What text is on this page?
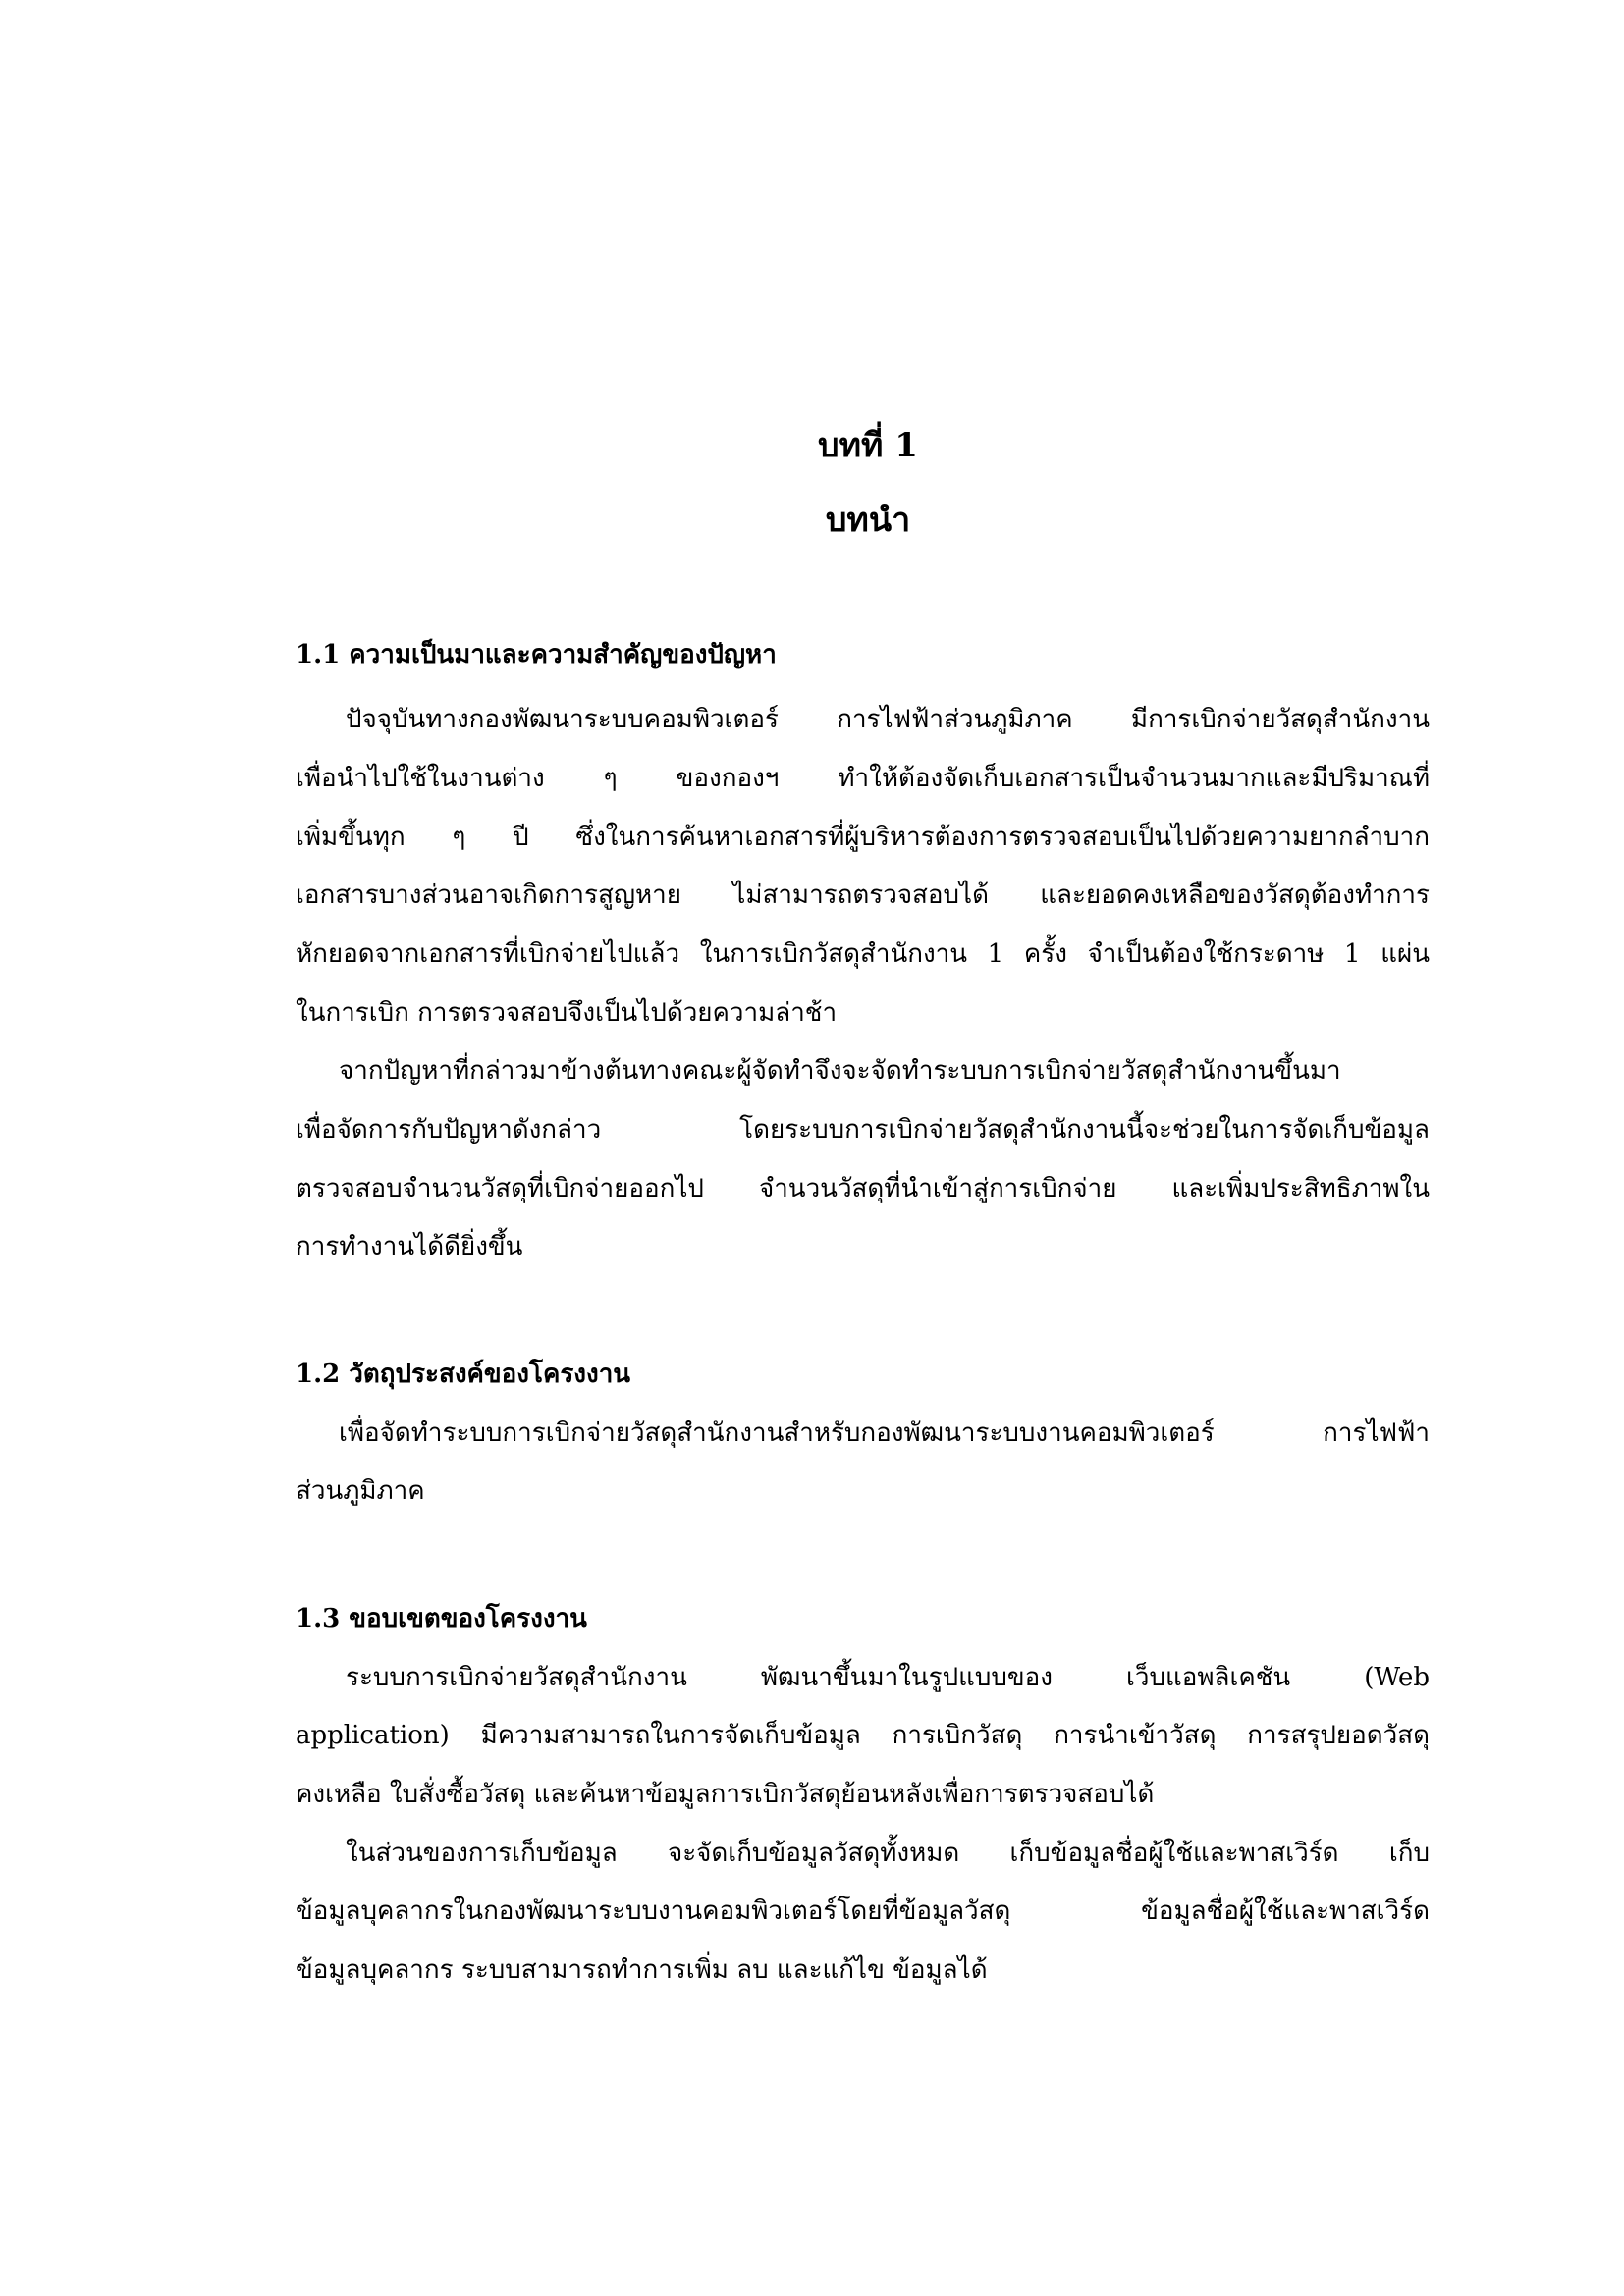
บทที่ 1
บทนำ
1.1 ความเป็นมาและความสำคัญของปัญหา
ปัจจุบันทางกองพัฒนาระบบคอมพิวเตอร์ การไฟฟ้าส่วนภูมิภาค มีการเบิกจ่ายวัสดุสำนักงาน
เพื่อนำไปใช้ในงานต่าง ๆ ของกองฯ ทำให้ต้องจัดเก็บเอกสารเป็นจำนวนมากและมีปริมาณที่
เพิ่มขึ้นทุก ๆ ปี ซึ่งในการค้นหาเอกสารที่ผู้บริหารต้องการตรวจสอบเป็นไปด้วยความยากลำบาก
เอกสารบางส่วนอาจเกิดการสูญหาย ไม่สามารถตรวจสอบได้ และยอดคงเหลือของวัสดุต้องทำการ
หักยอดจากเอกสารที่เบิกจ่ายไปแล้ว ในการเบิกวัสดุสำนักงาน 1 ครั้ง จำเป็นต้องใช้กระดาษ 1 แผ่น
ในการเบิก การตรวจสอบจึงเป็นไปด้วยความล่าช้า
จากปัญหาที่กล่าวมาข้างต้นทางคณะผู้จัดทำจึงจะจัดทำระบบการเบิกจ่ายวัสดุสำนักงานขึ้นมา
เพื่อจัดการกับปัญหาดังกล่าว โดยระบบการเบิกจ่ายวัสดุสำนักงานนี้จะช่วยในการจัดเก็บข้อมูล
ตรวจสอบจำนวนวัสดุที่เบิกจ่ายออกไป จำนวนวัสดุที่นำเข้าสู่การเบิกจ่าย และเพิ่มประสิทธิภาพใน
การทำงานได้ดียิ่งขึ้น
1.2 วัตถุประสงค์ของโครงงาน
เพื่อจัดทำระบบการเบิกจ่ายวัสดุสำนักงานสำหรับกองพัฒนาระบบงานคอมพิวเตอร์ การไฟฟ้า
ส่วนภูมิภาค
1.3 ขอบเขตของโครงงาน
ระบบการเบิกจ่ายวัสดุสำนักงาน พัฒนาขึ้นมาในรูปแบบของ เว็บแอพลิเคชัน (Web
application) มีความสามารถในการจัดเก็บข้อมูล การเบิกวัสดุ การนำเข้าวัสดุ การสรุปยอดวัสดุ
คงเหลือ ใบสั่งซื้อวัสดุ และค้นหาข้อมูลการเบิกวัสดุย้อนหลังเพื่อการตรวจสอบได้
ในส่วนของการเก็บข้อมูล จะจัดเก็บข้อมูลวัสดุทั้งหมด เก็บข้อมูลชื่อผู้ใช้และพาสเวิร์ด เก็บ
ข้อมูลบุคลากรในกองพัฒนาระบบงานคอมพิวเตอร์โดยที่ข้อมูลวัสดุ ข้อมูลชื่อผู้ใช้และพาสเวิร์ด
ข้อมูลบุคลากร ระบบสามารถทำการเพิ่ม ลบ และแก้ไข ข้อมูลได้
